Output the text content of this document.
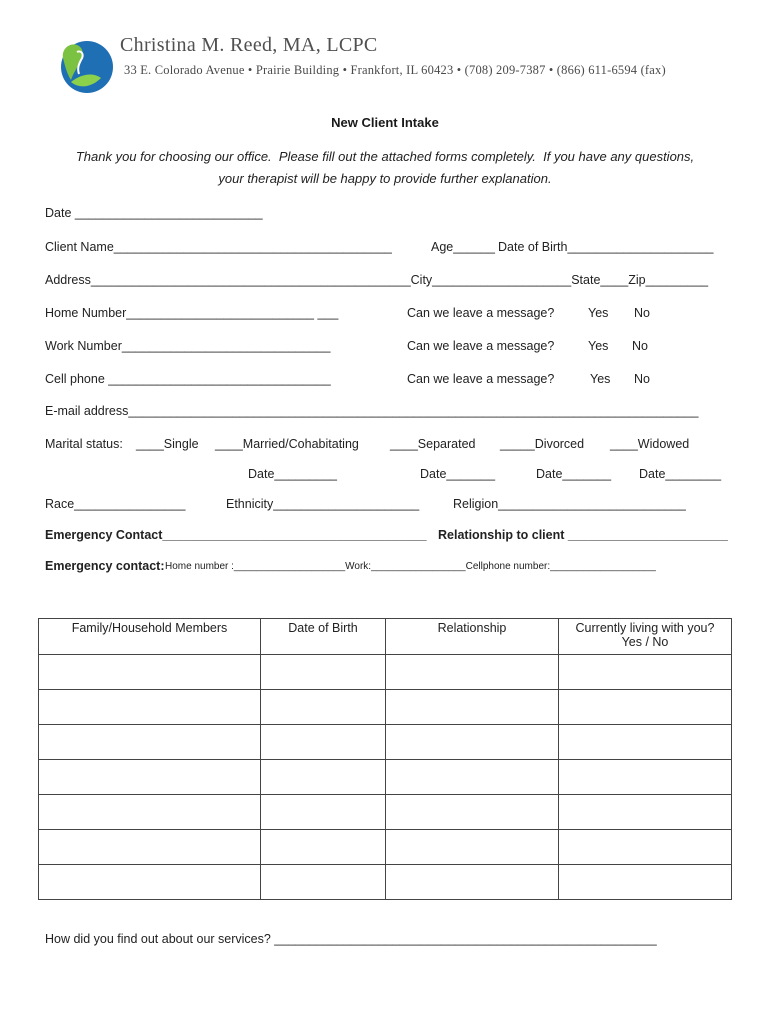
Christina M. Reed, MA, LCPC
33 E. Colorado Avenue • Prairie Building • Frankfort, IL 60423 • (708) 209-7387 • (866) 611-6594 (fax)
New Client Intake
Thank you for choosing our office.  Please fill out the attached forms completely.  If you have any questions,
your therapist will be happy to provide further explanation.
Date ___________________________
Client Name________________________________________	Age______ Date of Birth_____________________
Address______________________________________________City____________________State____Zip_________
Home Number___________________________ ___	Can we leave a message?	Yes No
Work Number______________________________	Can we leave a message?	Yes No
Cell phone ________________________________	Can we leave a message?	Yes No
E-mail address__________________________________________________________________________________
Marital status: ____Single ____Married/Cohabitating ____Separated _____Divorced ____Widowed
Date_________	Date_______	Date_______ Date________
Race________________	Ethnicity_____________________	Religion___________________________
Emergency Contact______________________________________ Relationship to client _______________________
Emergency contact: Home number :____________________Work:_________________Cellphone number:___________________
Family/Household Members	Date of Birth	Relationship	Currently living with you?
Yes / No

How did you find out about our services? _______________________________________________________
